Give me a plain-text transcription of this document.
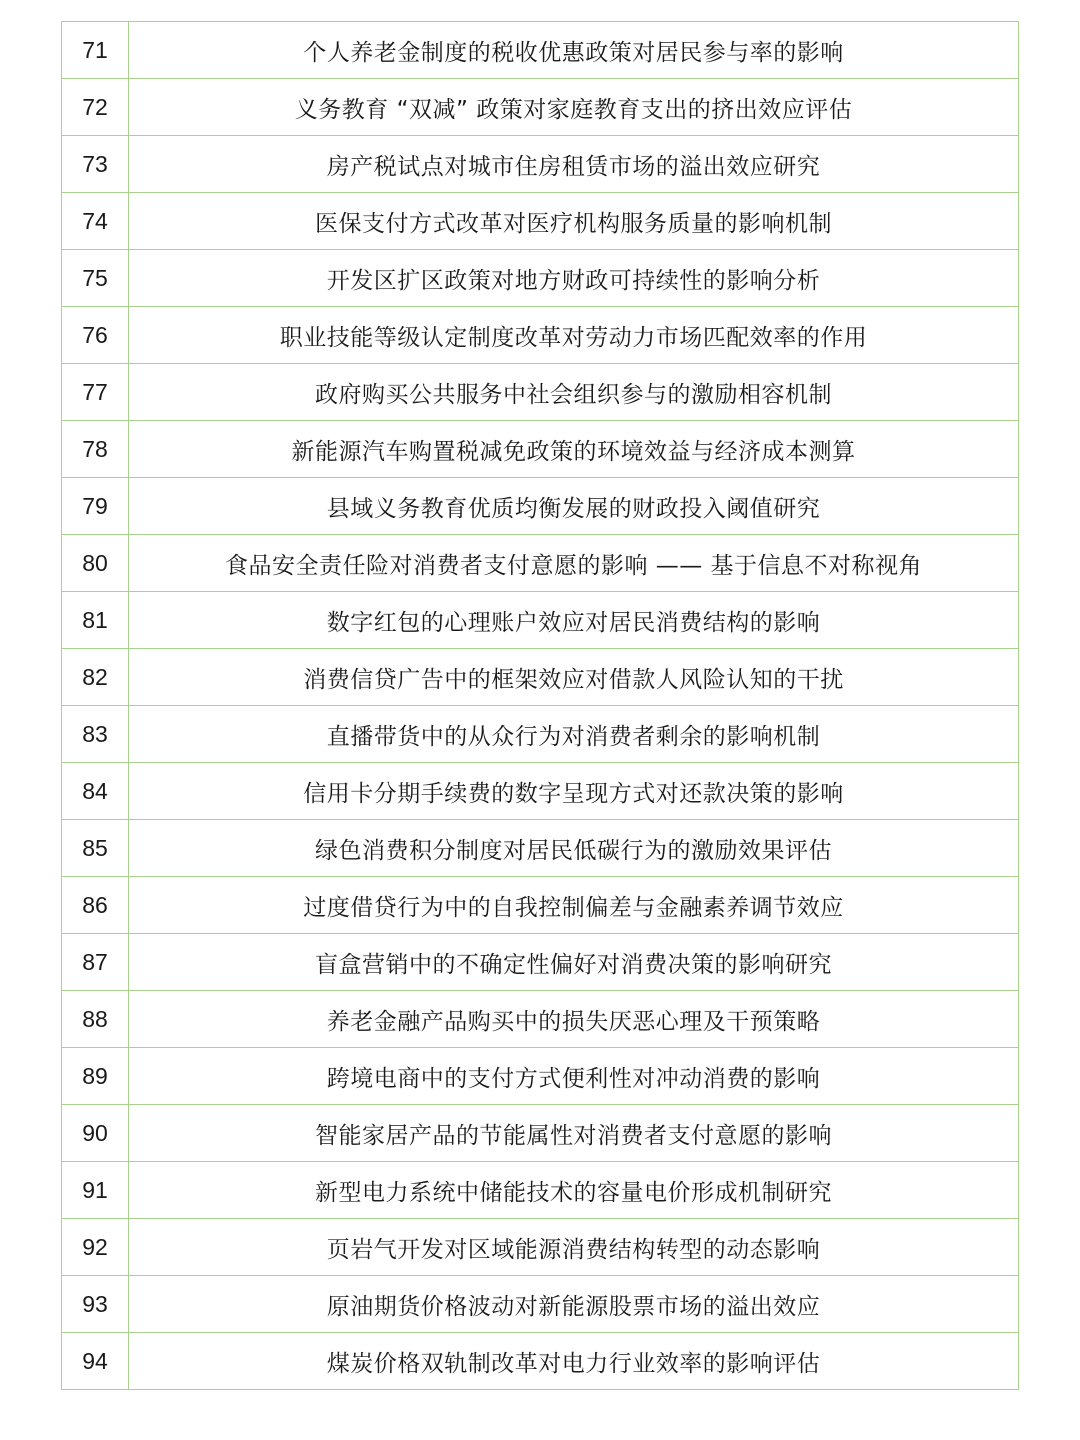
71	个人养老金制度的税收优惠政策对居民参与率的影响
72	义务教育 “双减” 政策对家庭教育支出的挤出效应评估
73	房产税试点对城市住房租赁市场的溢出效应研究
74	医保支付方式改革对医疗机构服务质量的影响机制
75	开发区扩区政策对地方财政可持续性的影响分析
76	职业技能等级认定制度改革对劳动力市场匹配效率的作用
77	政府购买公共服务中社会组织参与的激励相容机制
78	新能源汽车购置税减免政策的环境效益与经济成本测算
79	县域义务教育优质均衡发展的财政投入阈值研究
80	食品安全责任险对消费者支付意愿的影响 —— 基于信息不对称视角
81	数字红包的心理账户效应对居民消费结构的影响
82	消费信贷广告中的框架效应对借款人风险认知的干扰
83	直播带货中的从众行为对消费者剩余的影响机制
84	信用卡分期手续费的数字呈现方式对还款决策的影响
85	绿色消费积分制度对居民低碳行为的激励效果评估
86	过度借贷行为中的自我控制偏差与金融素养调节效应
87	盲盒营销中的不确定性偏好对消费决策的影响研究
88	养老金融产品购买中的损失厌恶心理及干预策略
89	跨境电商中的支付方式便利性对冲动消费的影响
90	智能家居产品的节能属性对消费者支付意愿的影响
91	新型电力系统中储能技术的容量电价形成机制研究
92	页岩气开发对区域能源消费结构转型的动态影响
93	原油期货价格波动对新能源股票市场的溢出效应
94	煤炭价格双轨制改革对电力行业效率的影响评估
